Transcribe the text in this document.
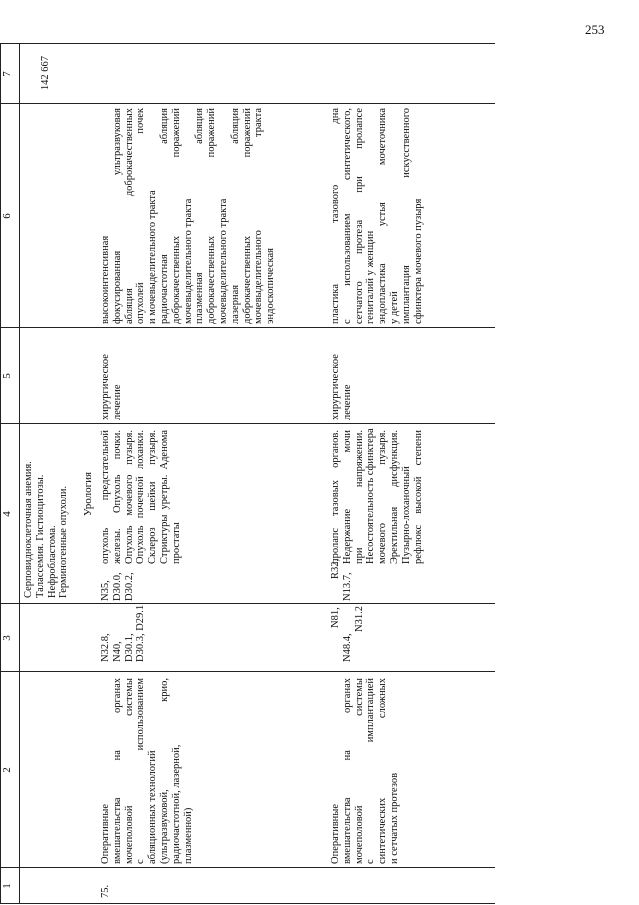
253
1
2
3
4
5
6
7
Серповидноклеточная анемия. Талассемия. Гистиоцитозы. Нефробластома. Герминогенные опухоли. Урология
75.
Оперативные вмешательства на органах мочеполовой системы с использованием абляционных технологий (ультразвуковой, крио, радиочастотной, лазерной, плазменной)
N32.8, N40, D30.1, D30.3, D29.1
N35, D30.0, D30.2,
опухоль предстательной железы. Опухоль почки. Опухоль мочевого пузыря. Опухоль почечной лоханки. Склероз шейки пузыря. Стриктуры уретры. Аденома простаты
хирургическое лечение
высокоинтенсивная фокусированная ультразвуковая абляция доброкачественных опухолей почек и мочевыделительного тракта радиочастотная абляция доброкачественных поражений мочевыделительного тракта плазменная абляция доброкачественных поражений мочевыделительного тракта лазерная абляция доброкачественных поражений мочевыделительного тракта эндоскопическая
142 667
Оперативные вмешательства на органах мочеполовой системы с имплантацией синтетических сложных и сетчатых протезов
N81,
N48.4,
N31.2
R32,
N13.7,
пролапс тазовых органов. Недержание мочи при напряжении. Несостоятельность сфинктера мочевого пузыря. Эректильная дисфункция. Пузырно-лоханочный рефлюкс высокой степени
хирургическое лечение
пластика тазового дна с использованием синтетического, сетчатого протеза при пролапсе гениталий у женщин эндопластика устья мочеточника у детей имплантация искусственного сфинктера мочевого пузыря
